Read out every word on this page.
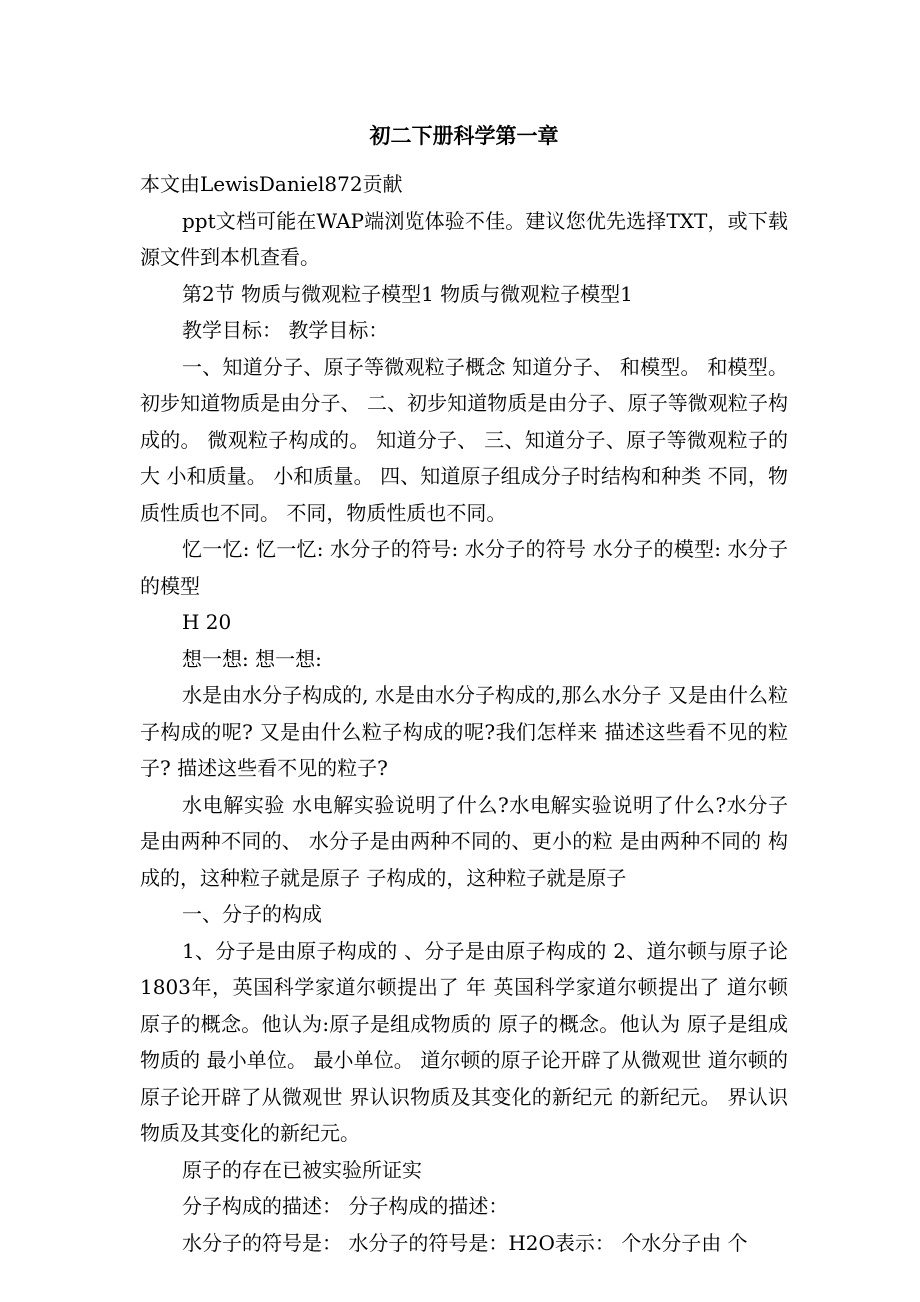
初二下册科学第一章

本文由LewisDaniel872贡献

ppt文档可能在WAP端浏览体验不佳。建议您优先选择TXT，或下载源文件到本机查看。

第2节 物质与微观粒子模型1 物质与微观粒子模型1

教学目标： 教学目标：

一、知道分子、原子等微观粒子概念 知道分子、 和模型。 和模型。 初步知道物质是由分子、 二、初步知道物质是由分子、原子等微观粒子构成的。 微观粒子构成的。 知道分子、 三、知道分子、原子等微观粒子的大 小和质量。 小和质量。 四、知道原子组成分子时结构和种类 不同，物质性质也不同。 不同，物质性质也不同。

忆一忆: 忆一忆: 水分子的符号: 水分子的符号 水分子的模型: 水分子的模型

H 20

想一想: 想一想:

水是由水分子构成的, 水是由水分子构成的,那么水分子 又是由什么粒子构成的呢? 又是由什么粒子构成的呢?我们怎样来 描述这些看不见的粒子? 描述这些看不见的粒子?

水电解实验 水电解实验说明了什么?水电解实验说明了什么?水分子是由两种不同的、 水分子是由两种不同的、更小的粒 是由两种不同的 构成的，这种粒子就是原子 子构成的，这种粒子就是原子

一、分子的构成

1、分子是由原子构成的 、分子是由原子构成的 2、道尔顿与原子论 1803年，英国科学家道尔顿提出了 年 英国科学家道尔顿提出了 道尔顿 原子的概念。他认为:原子是组成物质的 原子的概念。他认为 原子是组成物质的 最小单位。 最小单位。 道尔顿的原子论开辟了从微观世 道尔顿的原子论开辟了从微观世 界认识物质及其变化的新纪元 的新纪元。 界认识物质及其变化的新纪元。

原子的存在已被实验所证实

分子构成的描述： 分子构成的描述：

水分子的符号是： 水分子的符号是：H2O表示： 个水分子由 个
